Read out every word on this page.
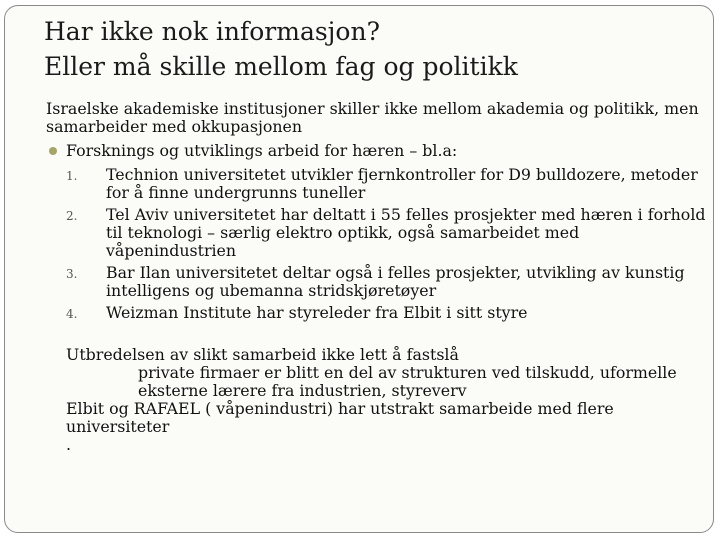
Har ikke nok informasjon?
Eller må skille mellom fag og politikk

Israelske akademiske institusjoner skiller ikke mellom akademia og politikk, men samarbeider med okkupasjonen

Forsknings og utviklings arbeid for hæren – bl.a:

1. Technion universitetet utvikler fjernkontroller for D9 bulldozere, metoder for å finne undergrunns tuneller
2. Tel Aviv universitetet har deltatt i 55 felles prosjekter med hæren i forhold til teknologi – særlig elektro optikk, også samarbeidet med våpenindustrien
3. Bar Ilan universitetet deltar også i felles prosjekter, utvikling av kunstig intelligens og ubemanna stridskjøretøyer
4. Weizman Institute har styreleder fra Elbit i sitt styre

Utbredelsen av slikt samarbeid ikke lett å fastslå

private firmaer er blitt en del av strukturen ved tilskudd, uformelle eksterne lærere fra industrien, styreverv

Elbit og RAFAEL ( våpenindustri) har utstrakt samarbeide med flere universiteter

.
